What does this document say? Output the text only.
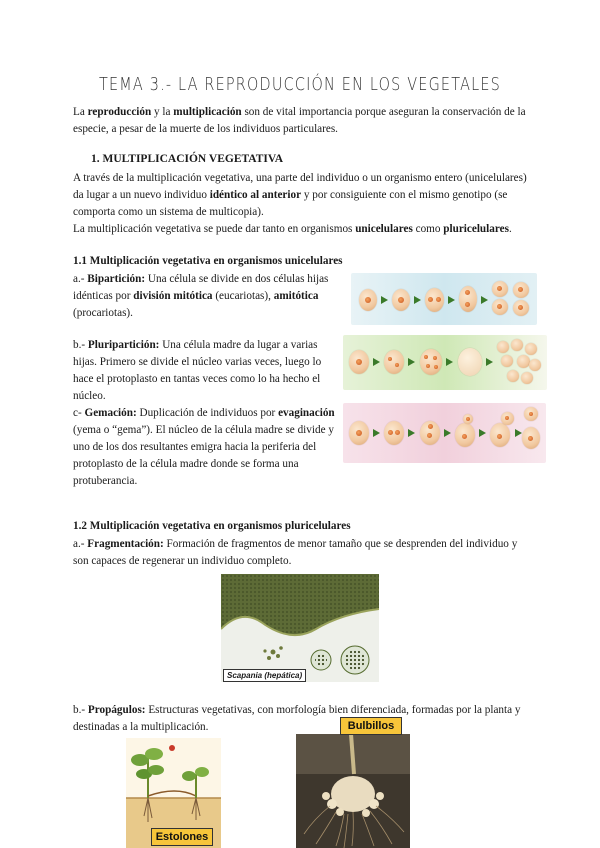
TEMA 3.- LA REPRODUCCIÓN EN LOS VEGETALES

La reproducción y la multiplicación son de vital importancia porque aseguran la conservación de la especie, a pesar de la muerte de los individuos particulares.

1. MULTIPLICACIÓN VEGETATIVA

A través de la multiplicación vegetativa, una parte del individuo o un organismo entero (unicelulares) da lugar a un nuevo individuo idéntico al anterior y por consiguiente con el mismo genotipo (se comporta como un sistema de multicopia).

La multiplicación vegetativa se puede dar tanto en organismos unicelulares como pluricelulares.

1.1 Multiplicación vegetativa en organismos unicelulares

a.- Bipartición: Una célula se divide en dos células hijas idénticas por división mitótica (eucariotas), amitótica (procariotas).

b.- Pluripartición: Una célula madre da lugar a varias hijas. Primero se divide el núcleo varias veces, luego lo hace el protoplasto en tantas veces como lo ha hecho el núcleo.

c- Gemación: Duplicación de individuos por evaginación (yema o “gema”). El núcleo de la célula madre se divide y uno de los dos resultantes emigra hacia la periferia del protoplasto de la célula madre donde se forma una protuberancia.

1.2 Multiplicación vegetativa en organismos pluricelulares

a.- Fragmentación: Formación de fragmentos de menor tamaño que se desprenden del individuo y son capaces de regenerar un individuo completo.

Scapania (hepática)

b.- Propágulos: Estructuras vegetativas, con morfología bien diferenciada, formadas por la planta y destinadas a la multiplicación.

Estolones
Bulbillos
